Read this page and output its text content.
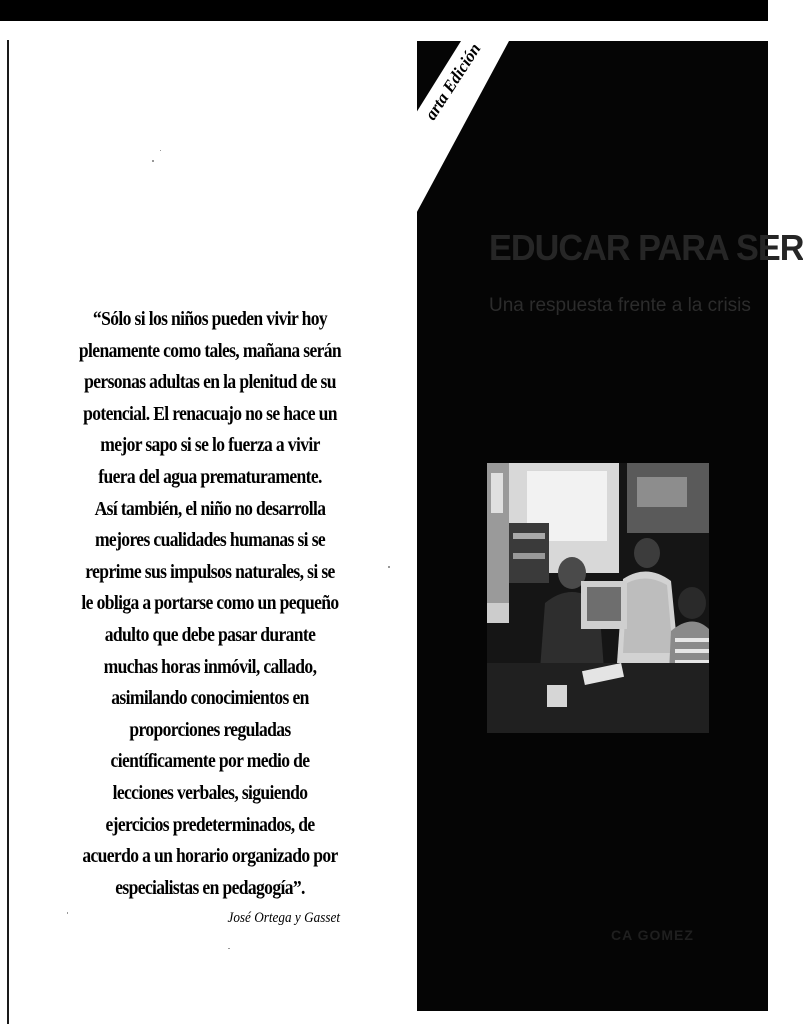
“Sólo si los niños pueden vivir hoy
plenamente como tales, mañana serán
personas adultas en la plenitud de su
potencial. El renacuajo no se hace un
mejor sapo si se lo fuerza a vivir
fuera del agua prematuramente.
Así también, el niño no desarrolla
mejores cualidades humanas si se
reprime sus impulsos naturales, si se
le obliga a portarse como un pequeño
adulto que debe pasar durante
muchas horas inmóvil, callado,
asimilando conocimientos en
proporciones reguladas
científicamente por medio de
lecciones verbales, siguiendo
ejercicios predeterminados, de
acuerdo a un horario organizado por
especialistas en pedagogía”.
José Ortega y Gasset
arta Edición
EDUCAR PARA SER
Una respuesta frente a la crisis
CA GOMEZ
